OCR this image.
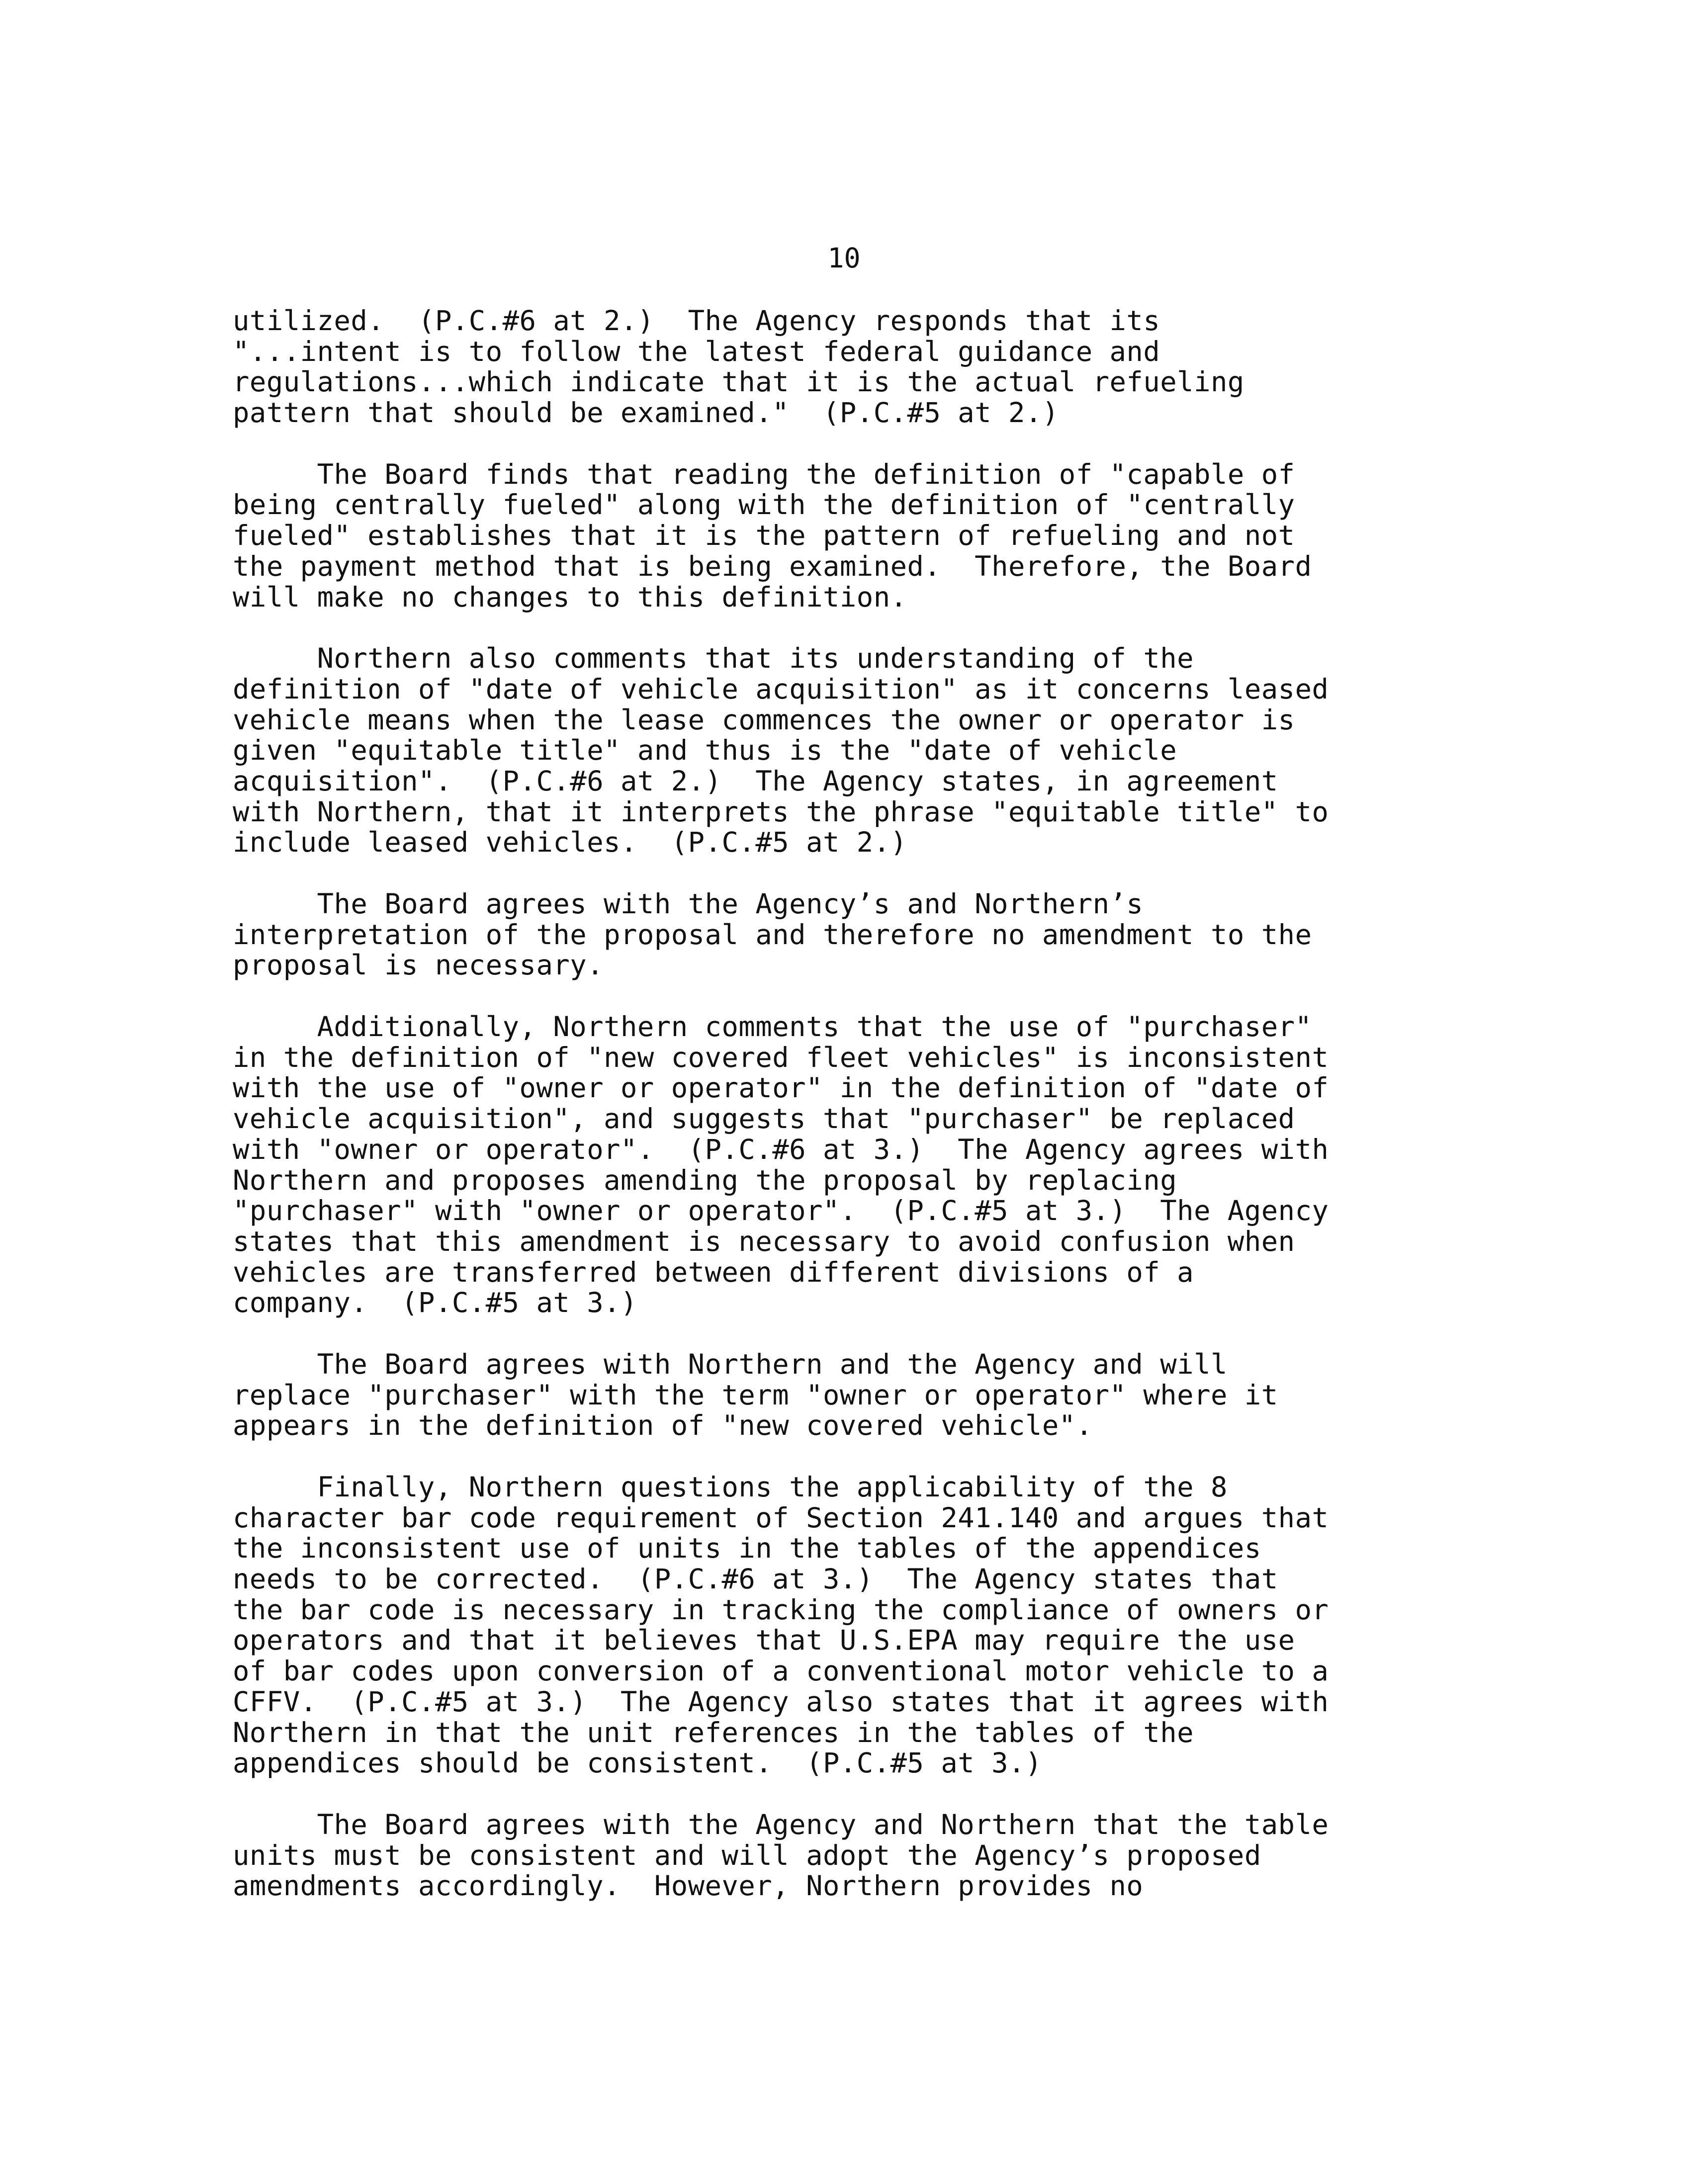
10
utilized.  (P.C.#6 at 2.)  The Agency responds that its
"...intent is to follow the latest federal guidance and
regulations...which indicate that it is the actual refueling
pattern that should be examined."  (P.C.#5 at 2.)
The Board finds that reading the definition of "capable of
being centrally fueled" along with the definition of "centrally
fueled" establishes that it is the pattern of refueling and not
the payment method that is being examined.  Therefore, the Board
will make no changes to this definition.
Northern also comments that its understanding of the
definition of "date of vehicle acquisition" as it concerns leased
vehicle means when the lease commences the owner or operator is
given "equitable title" and thus is the "date of vehicle
acquisition".  (P.C.#6 at 2.)  The Agency states, in agreement
with Northern, that it interprets the phrase "equitable title" to
include leased vehicles.  (P.C.#5 at 2.)
The Board agrees with the Agency’s and Northern’s
interpretation of the proposal and therefore no amendment to the
proposal is necessary.
Additionally, Northern comments that the use of "purchaser"
in the definition of "new covered fleet vehicles" is inconsistent
with the use of "owner or operator" in the definition of "date of
vehicle acquisition", and suggests that "purchaser" be replaced
with "owner or operator".  (P.C.#6 at 3.)  The Agency agrees with
Northern and proposes amending the proposal by replacing
"purchaser" with "owner or operator".  (P.C.#5 at 3.)  The Agency
states that this amendment is necessary to avoid confusion when
vehicles are transferred between different divisions of a
company.  (P.C.#5 at 3.)
The Board agrees with Northern and the Agency and will
replace "purchaser" with the term "owner or operator" where it
appears in the definition of "new covered vehicle".
Finally, Northern questions the applicability of the 8
character bar code requirement of Section 241.140 and argues that
the inconsistent use of units in the tables of the appendices
needs to be corrected.  (P.C.#6 at 3.)  The Agency states that
the bar code is necessary in tracking the compliance of owners or
operators and that it believes that U.S.EPA may require the use
of bar codes upon conversion of a conventional motor vehicle to a
CFFV.  (P.C.#5 at 3.)  The Agency also states that it agrees with
Northern in that the unit references in the tables of the
appendices should be consistent.  (P.C.#5 at 3.)
The Board agrees with the Agency and Northern that the table
units must be consistent and will adopt the Agency’s proposed
amendments accordingly.  However, Northern provides no
